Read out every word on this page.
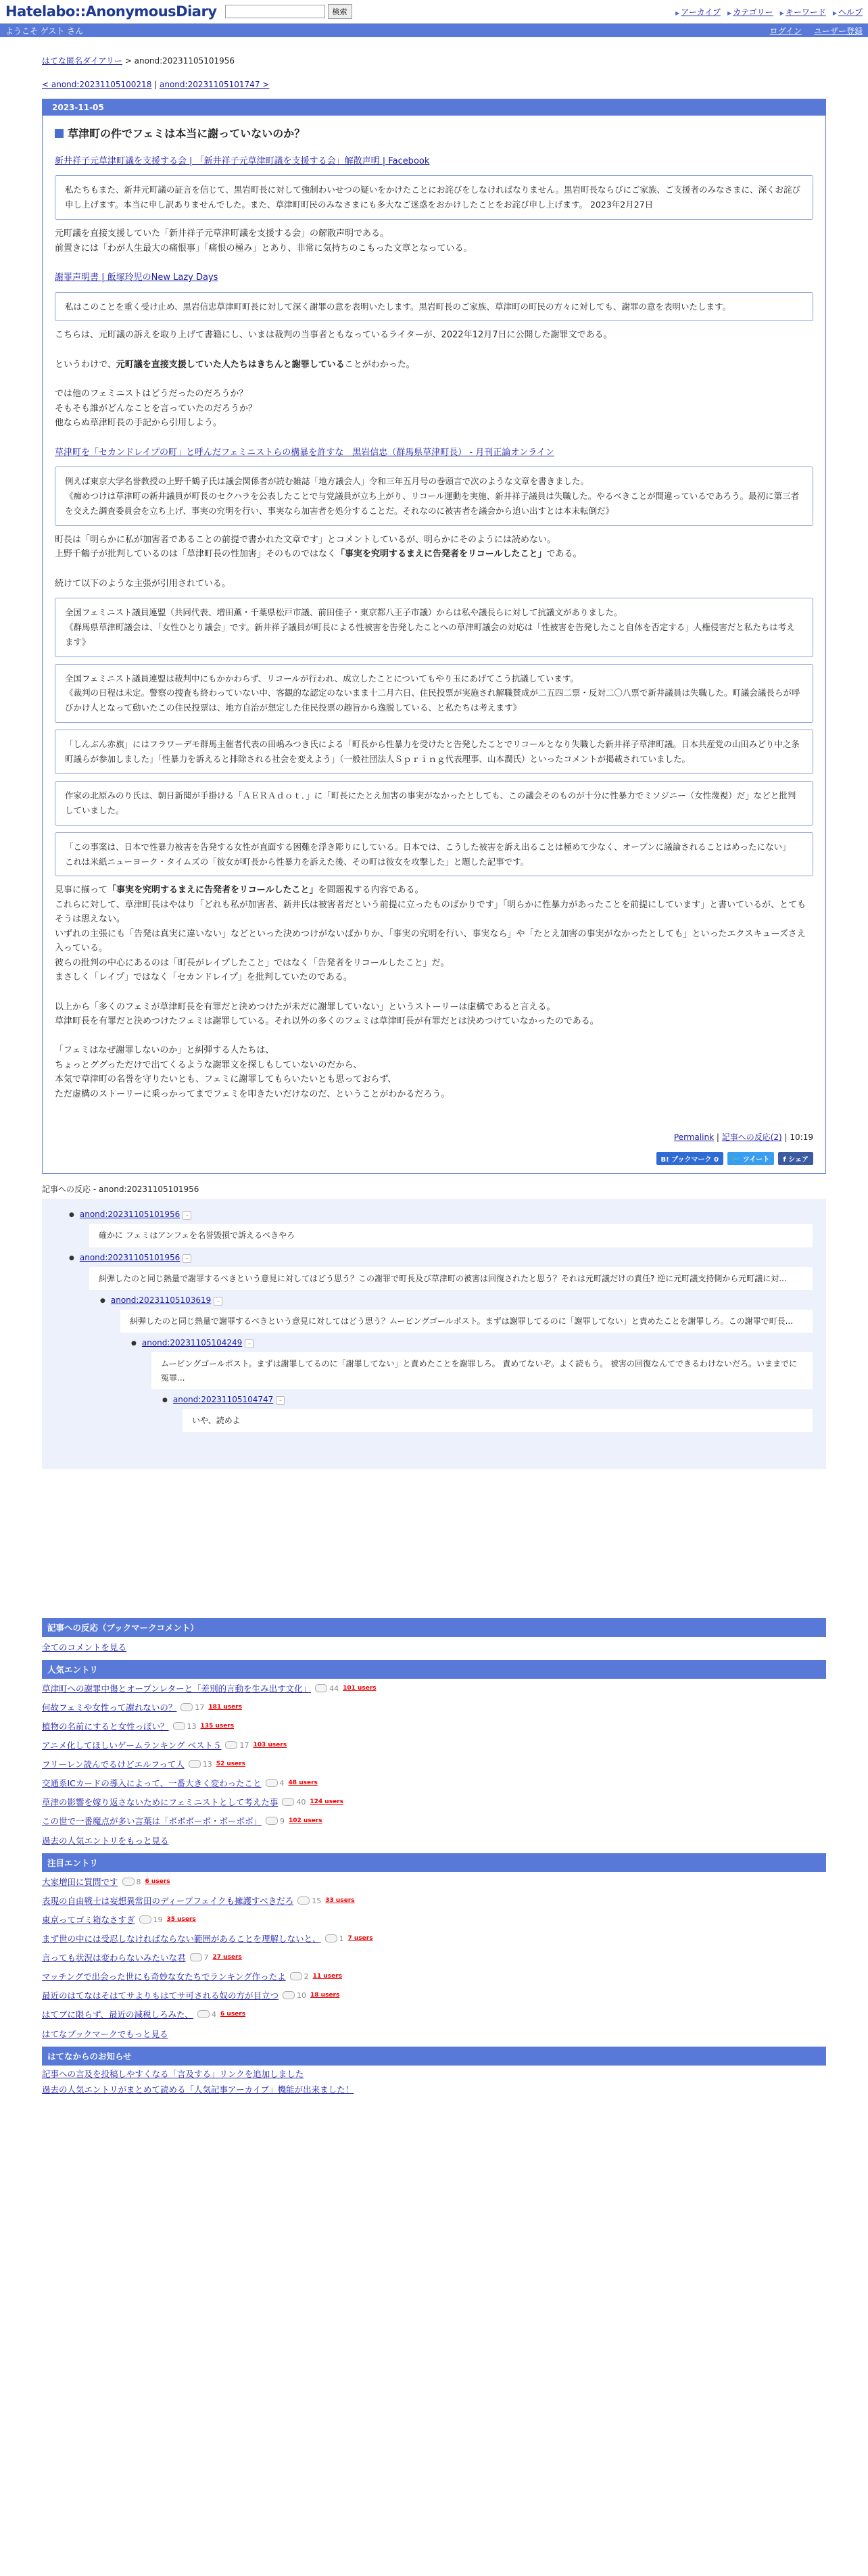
Hatelabo::AnonymousDiary	検索	▶ アーカイブ	▶ カテゴリー	▶ キーワード	▶ ヘルプ
ようこそ ゲスト さん	ログイン ユーザー登録
はてな匿名ダイアリー > anond:20231105101956
< anond:20231105100218 | anond:20231105101747 >
2023-11-05
草津町の件でフェミは本当に謝っていないのか？

新井祥子元草津町議を支援する会 | 「新井祥子元草津町議を支援する会」解散声明 | Facebook

私たちもまた、新井元町議の証言を信じて、黒岩町長に対して強制わいせつの疑いをかけたことにお詫びをしなければなりません。黒岩町長ならびにご家族、ご支援者のみなさまに、深くお詫び申し上げます。本当に申し訳ありませんでした。また、草津町町民のみなさまにも多大なご迷惑をおかけしたことをお詫び申し上げます。 2023年2月27日

元町議を直接支援していた「新井祥子元草津町議を支援する会」の解散声明である。

前置きには「わが人生最大の痛恨事」「痛恨の極み」とあり、非常に気持ちのこもった文章となっている。

謝罪声明書 | 飯塚玲児のNew Lazy Days

私はこのことを重く受け止め、黒岩信忠草津町町長に対して深く謝罪の意を表明いたします。黒岩町長のご家族、草津町の町民の方々に対しても、謝罪の意を表明いたします。

こちらは、元町議の訴えを取り上げて書籍にし、いまは裁判の当事者ともなっているライターが、2022年12月7日に公開した謝罪文である。

というわけで、元町議を直接支援していた人たちはきちんと謝罪していることがわかった。

では他のフェミニストはどうだったのだろうか？

そもそも誰がどんなことを言っていたのだろうか？

他ならぬ草津町長の手記から引用しよう。

草津町を「セカンドレイプの町」と呼んだフェミニストらの構暴を許すな　黒岩信忠（群馬県草津町長） - 月刊正論オンライン

例えば東京大学名誉教授の上野千鶴子氏は議会関係者が読む雑誌「地方議会人」令和三年五月号の巻頭言で次のような文章を書きました。
《痴めつけは草津町の新井議員が町長のセクハラを公表したことで与党議員が立ち上がり、リコール運動を実施、新井祥子議員は失職した。やるべきことが間違っているであろう。最初に第三者を交えた調査委員会を立ち上げ、事実の究明を行い、事実なら加害者を処分することだ。それなのに被害者を議会から追い出すとは本末転倒だ》

町長は「明らかに私が加害者であることの前提で書かれた文章です」とコメントしているが、明らかにそのようには読めない。

上野千鶴子が批判しているのは「草津町長の性加害」そのものではなく「事実を究明するまえに告発者をリコールしたこと」である。

続けて以下のような主張が引用されている。

全国フェミニスト議員連盟（共同代表、増田薫・千葉県松戸市議、前田佳子・東京都八王子市議）からは私や議長らに対して抗議文がありました。
《群馬県草津町議会は、「女性ひとり議会」です。新井祥子議員が町長による性被害を告発したことへの草津町議会の対応は「性被害を告発したこと自体を否定する」人権侵害だと私たちは考えます》
全国フェミニスト議員連盟は裁判中にもかかわらず、リコールが行われ、成立したことについてもやり玉にあげてこう抗議しています。
《裁判の日程は未定。警察の捜査も終わっていない中、客観的な認定のないまま十二月六日、住民投票が実施され解職賛成が二五四二票・反対二〇八票で新井議員は失職した。町議会議長らが呼びかけ人となって動いたこの住民投票は、地方自治が想定した住民投票の趣旨から逸脱している、と私たちは考えます》
「しんぶん赤旗」にはフラワーデモ群馬主催者代表の田嶋みつき氏による「町長から性暴力を受けたと告発したことでリコールとなり失職した新井祥子草津町議。日本共産党の山田みどり中之条町議らが参加しました」「性暴力を訴えると排除される社会を変えよう」（一般社団法人Ｓｐｒｉｎｇ代表理事、山本潤氏）といったコメントが掲載されていました。
作家の北原みのり氏は、朝日新聞が手掛ける「ＡＥＲＡｄｏｔ．」に「町長にたとえ加害の事実がなかったとしても、この議会そのものが十分に性暴力でミソジニー（女性蔑視）だ」などと批判していました。
「この事案は、日本で性暴力被害を告発する女性が直面する困難を浮き彫りにしている。日本では、こうした被害を訴え出ることは極めて少なく、オープンに議論されることはめったにない」
これは米紙ニューヨーク・タイムズの「彼女が町長から性暴力を訴えた後、その町は彼女を攻撃した」と題した記事です。

見事に揃って「事実を究明するまえに告発者をリコールしたこと」を問題視する内容である。

これらに対して、草津町長はやはり「どれも私が加害者、新井氏は被害者だという前提に立ったものばかりです」「明らかに性暴力があったことを前提にしています」と書いているが、とてもそうは思えない。

いずれの主張にも「告発は真実に違いない」などといった決めつけがないばかりか、「事実の究明を行い、事実なら」や「たとえ加害の事実がなかったとしても」といったエクスキューズさえ入っている。

彼らの批判の中心にあるのは「町長がレイプしたこと」ではなく「告発者をリコールしたこと」だ。

まさしく「レイプ」ではなく「セカンドレイプ」を批判していたのである。

以上から「多くのフェミが草津町長を有罪だと決めつけたが未だに謝罪していない」というストーリーは虚構であると言える。

草津町長を有罪だと決めつけたフェミは謝罪している。それ以外の多くのフェミは草津町長が有罪だとは決めつけていなかったのである。

「フェミはなぜ謝罪しないのか」と糾弾する人たちは、

ちょっとググっただけで出てくるような謝罪文を探しもしていないのだから、

本気で草津町の名誉を守りたいとも、フェミに謝罪してもらいたいとも思っておらず、

ただ虚構のストーリーに乗っかってまでフェミを叩きたいだけなのだ、ということがわかるだろう。

Permalink | 記事への反応(2) | 10:19
B! ブックマーク 0	🐦 ツイート	f シェア
記事への反応 - anond:20231105101956
● anond:20231105101956 –
確かに フェミはアンフェを名誉毀損で訴えるべきやろ
● anond:20231105101956 –
糾弾したのと同じ熱量で謝罪するべきという意見に対してはどう思う？この謝罪で町長及び草津町の被害は回復されたと思う？それは元町議だけの責任? 逆に元町議支持側から元町議に対...
● anond:20231105103619 –
糾弾したのと同じ熱量で謝罪するべきという意見に対してはどう思う？ムービングゴールポスト。まずは謝罪してるのに「謝罪してない」と責めたことを謝罪しろ。この謝罪で町長...
● anond:20231105104249 –
ムービングゴールポスト。まずは謝罪してるのに「謝罪してない」と責めたことを謝罪しろ。 責めてないぞ。よく読もう。 被害の回復なんてできるわけないだろ。いままでに冤罪...
● anond:20231105104747 –
いや、読めよ
記事への反応（ブックマークコメント）
全てのコメントを見る
人気エントリ
草津町への謝罪中傷とオープンレターと「差別的言動を生み出す文化」 44 101 users
何故フェミや女性って謝れないの？ 17 181 users
植物の名前にすると女性っぽい？ 13 135 users
アニメ化してほしいゲームランキング ベスト５ 17 103 users
フリーレン読んでるけどエルフって人 13 52 users
交通系ICカードの導入によって、一番大きく変わったこと 4 48 users
草津の影響を嫁り返さないためにフェミニストとして考えた事 40 124 users
この世で一番魔点が多い言葉は「ボボボーボ・ボーボボ」 9 102 users
過去の人気エントリをもっと見る
注目エントリ
大家増田に質問です 8 6 users
表現の自由戦士は妄想異常田のディープフェイクも擁護すべきだろ 15 33 users
東京ってゴミ箱なさすぎ 19 35 users
まず世の中には受忍しなければならない範囲があることを理解しないと、 1 7 users
言っても状況は変わらないみたいな君 7 27 users
マッチングで出会った世にも奇妙な女たちでランキング作ったよ 2 11 users
最近のはてなはそはてサよりもはてサ可される奴の方が目立つ 10 18 users
はてブに限らず、最近の減税しろみた、 4 6 users
はてなブックマークでもっと見る
はてなからのお知らせ
記事への言及を投稿しやすくなる「言及する」リンクを追加しました
過去の人気エントリがまとめて読める「人気記事アーカイブ」機能が出来ました！
